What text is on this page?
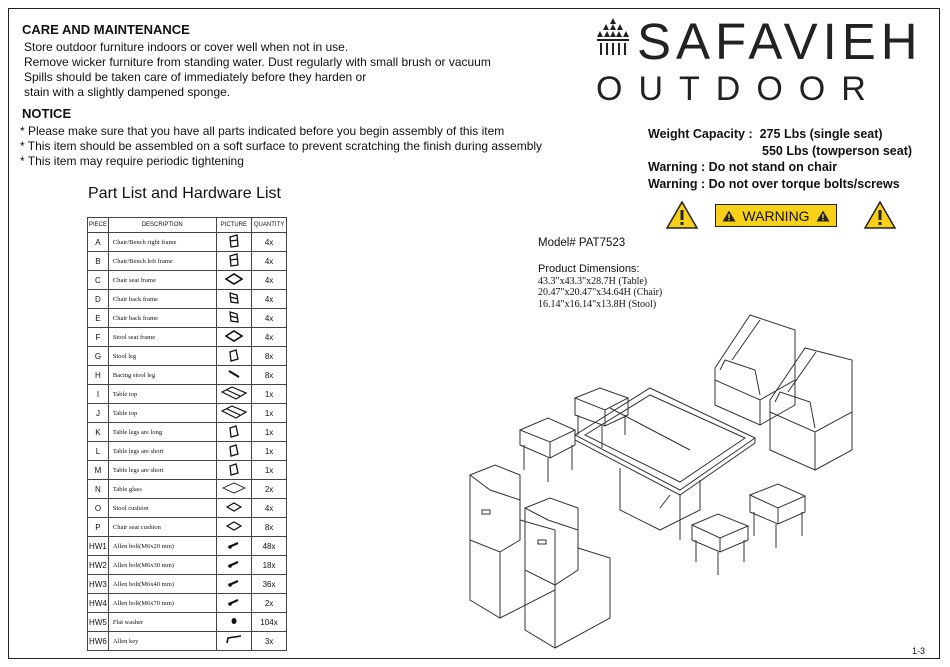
CARE AND MAINTENANCE
Store outdoor furniture indoors or cover well when not in use.
Remove wicker furniture from standing water. Dust regularly with small brush or vacuum
Spills should be taken care of immediately before they harden or
stain with a slightly dampened sponge.
NOTICE
* Please make sure that you have all parts indicated before you begin assembly of this item
* This item should be assembled on a soft surface to prevent scratching the finish during assembly
* This item may require periodic tightening
SAFAVIEH
OUTDOOR
Weight Capacity : 275 Lbs (single seat)
550 Lbs (towperson seat)
Warning : Do not stand on chair
Warning : Do not over torque bolts/screws
WARNING
Part List and Hardware List
PIECE	DESCRIPTION	PICTURE	QUANTITY
A	Chair/Bench right frame		4x
B	Chair/Bench left frame		4x
C	Chair seat frame		4x
D	Chair back frame		4x
E	Chair back frame		4x
F	Stool seat frame		4x
G	Stool leg		8x
H	Bacing stool leg		8x
I	Table top		1x
J	Table top		1x
K	Table legs are long		1x
L	Table legs are short		1x
M	Table legs are short		1x
N	Table glass		2x
O	Stool cushion		4x
P	Chair seat cushion		8x
HW1	Allen bolt(M6x20 mm)		48x
HW2	Allen bolt(M6x30 mm)		18x
HW3	Allen bolt(M6x40 mm)		36x
HW4	Allen bolt(M6x70 mm)		2x
HW5	Flat washer		104x
HW6	Allen key		3x
Model# PAT7523
Product Dimensions:
43.3"x43.3"x28.7H (Table)
20.47"x20.47"x34.64H (Chair)
16.14"x16.14"x13.8H (Stool)
1-3
